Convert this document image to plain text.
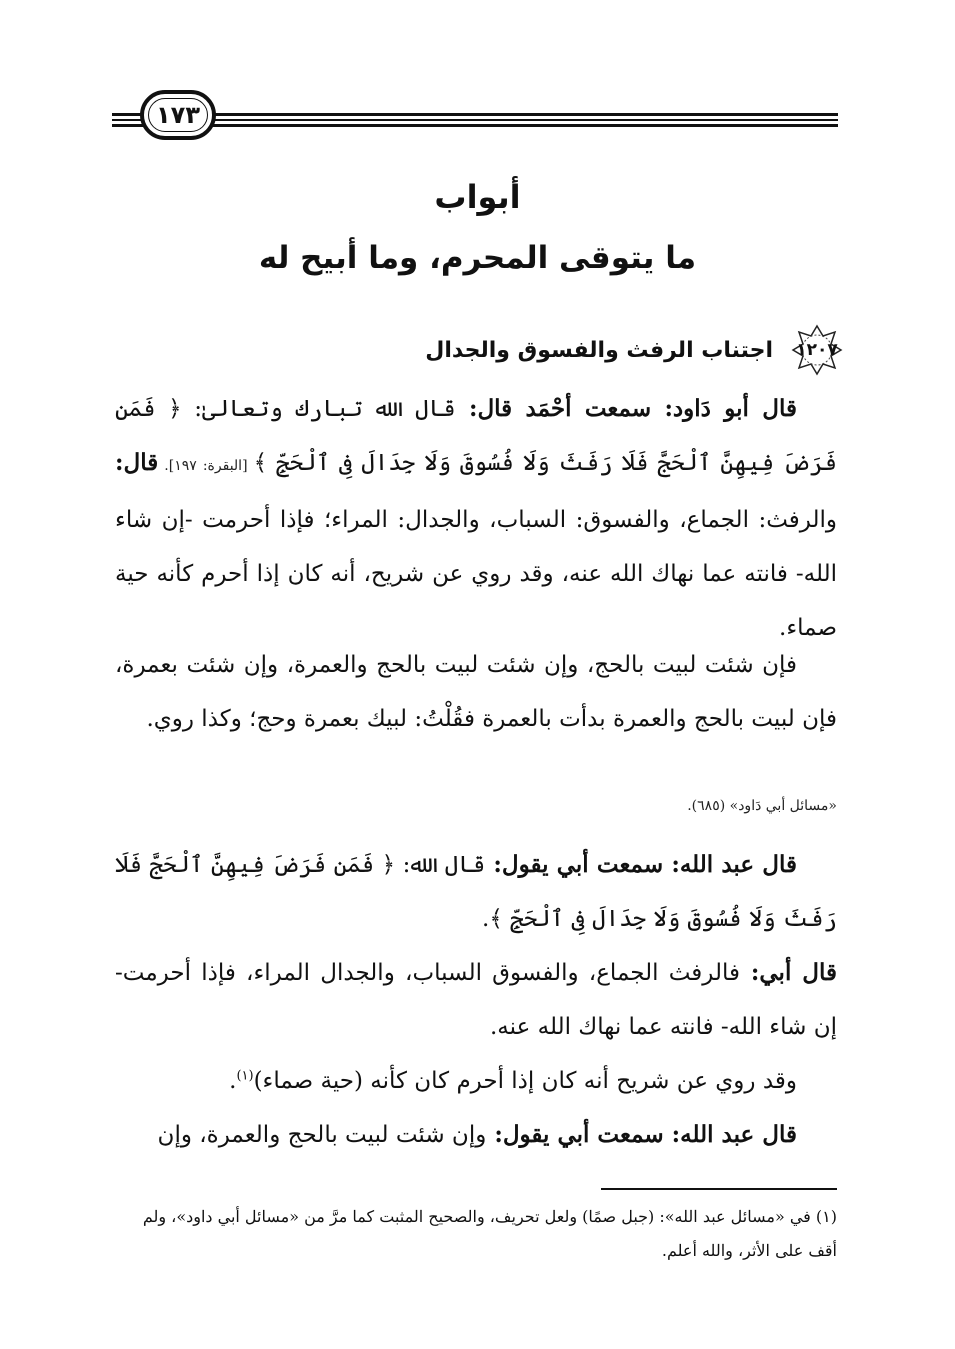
١٧٣
أبواب
ما يتوقى المحرم، وما أبيح له
١٢٠٧
اجتناب الرفث والفسوق والجدال

قال أبو دَاود: سمعت أحْمَد قال: قال الله تبارك وتعالىٰ: ﴿ فَمَن فَرَضَ فِيهِنَّ ٱلْحَجَّ فَلَا رَفَثَ وَلَا فُسُوقَ وَلَا جِدَالَ فِى ٱلْحَجِّ ﴾ [البقرة: ١٩٧]. قال: والرفث: الجماع، والفسوق: السباب، والجدال: المراء؛ فإذا أحرمت -إن شاء الله- فانته عما نهاك الله عنه، وقد روي عن شريح، أنه كان إذا أحرم كأنه حية صماء.

فإن شئت لبيت بالحج، وإن شئت لبيت بالحج والعمرة، وإن شئت بعمرة، فإن لبيت بالحج والعمرة بدأت بالعمرة فقُلْتُ: لبيك بعمرة وحج؛ وكذا روي.

«مسائل أبي دَاود» (٦٨٥).

قال عبد الله: سمعت أبي يقول: قال الله: ﴿ فَمَن فَرَضَ فِيهِنَّ ٱلْحَجَّ فَلَا رَفَثَ وَلَا فُسُوقَ وَلَا جِدَالَ فِى ٱلْحَجِّ ﴾.

قال أبي: فالرفث الجماع، والفسوق السباب، والجدال المراء، فإذا أحرمت- إن شاء الله- فانته عما نهاك الله عنه.

وقد روي عن شريح أنه كان إذا أحرم كان كأنه (حية صماء)$^{(١)}$.

قال عبد الله: سمعت أبي يقول: وإن شئت لبيت بالحج والعمرة، وإن

(١) في «مسائل عبد الله»: (جبل صمًا) ولعل تحريف، والصحيح المثبت كما مرَّ من «مسائل أبي داود»، ولم أقف على الأثر، والله أعلم.
